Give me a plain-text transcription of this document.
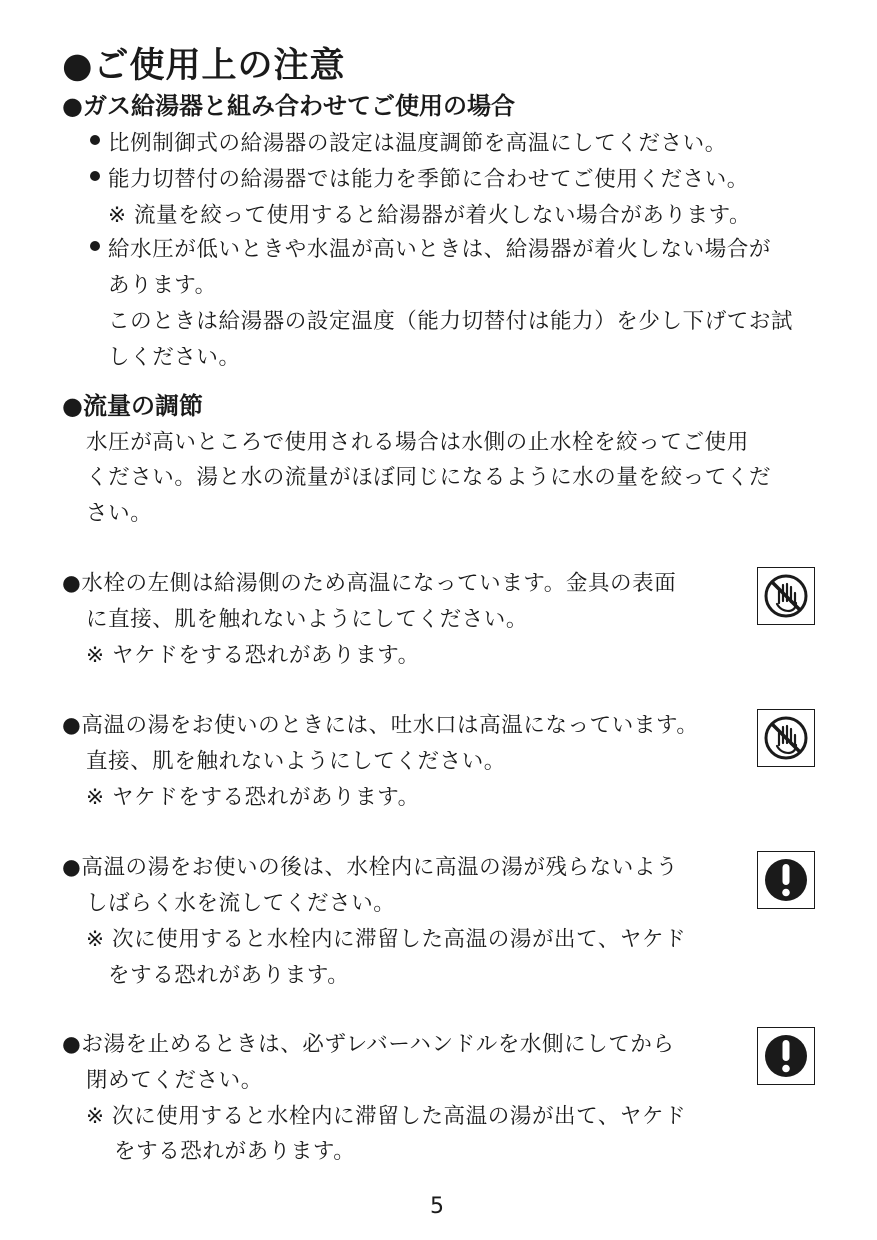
●ご使用上の注意
●ガス給湯器と組み合わせてご使用の場合
比例制御式の給湯器の設定は温度調節を高温にしてください。
能力切替付の給湯器では能力を季節に合わせてご使用ください。
※ 流量を絞って使用すると給湯器が着火しない場合があります。
給水圧が低いときや水温が高いときは、給湯器が着火しない場合が
あります。
このときは給湯器の設定温度（能力切替付は能力）を少し下げてお試
しください。
●流量の調節
水圧が高いところで使用される場合は水側の止水栓を絞ってご使用
ください。湯と水の流量がほぼ同じになるように水の量を絞ってくだ
さい。
●水栓の左側は給湯側のため高温になっています。金具の表面
に直接、肌を触れないようにしてください。
※ ヤケドをする恐れがあります。
●高温の湯をお使いのときには、吐水口は高温になっています。
直接、肌を触れないようにしてください。
※ ヤケドをする恐れがあります。
●高温の湯をお使いの後は、水栓内に高温の湯が残らないよう
しばらく水を流してください。
※ 次に使用すると水栓内に滞留した高温の湯が出て、ヤケド
をする恐れがあります。
●お湯を止めるときは、必ずレバーハンドルを水側にしてから
閉めてください。
※ 次に使用すると水栓内に滞留した高温の湯が出て、ヤケド
をする恐れがあります。
5
